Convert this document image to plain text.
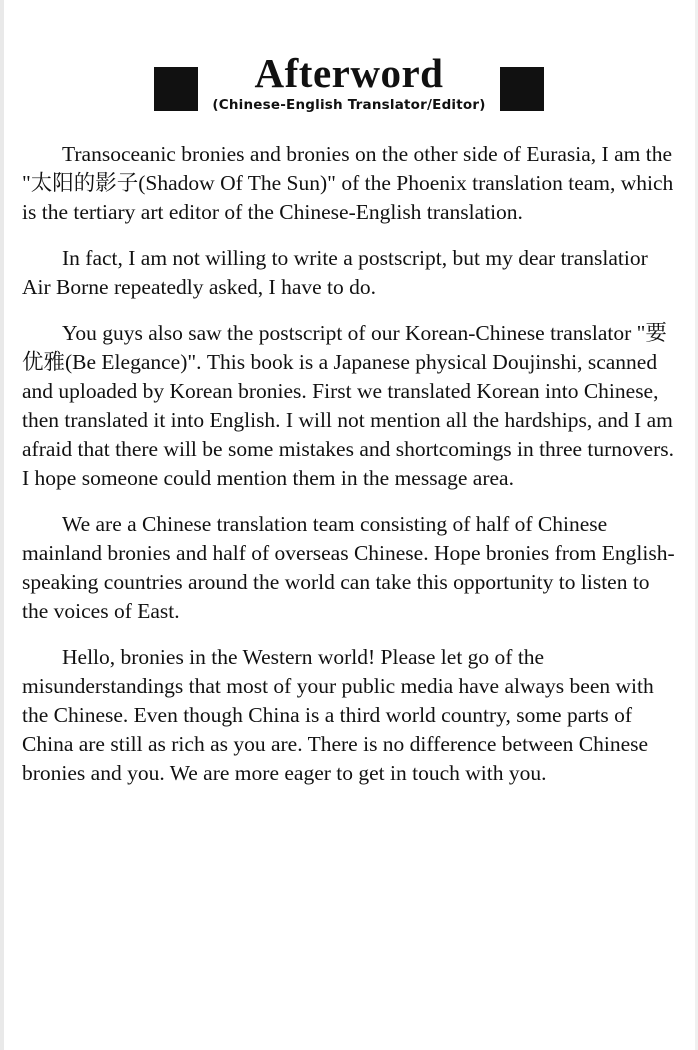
Afterword
(Chinese-English Translator/Editor)

Transoceanic bronies and bronies on the other side of Eurasia, I am the "太阳的影子(Shadow Of The Sun)" of the Phoenix translation team, which is the tertiary art editor of the Chinese-English translation.

In fact, I am not willing to write a postscript, but my dear translatior Air Borne repeatedly asked, I have to do.

You guys also saw the postscript of our Korean-Chinese translator "要优雅(Be Elegance)". This book is a Japanese physical Doujinshi, scanned and uploaded by Korean bronies. First we translated Korean into Chinese, then translated it into English. I will not mention all the hardships, and I am afraid that there will be some mistakes and shortcomings in three turnovers. I hope someone could mention them in the message area.

We are a Chinese translation team consisting of half of Chinese mainland bronies and half of overseas Chinese. Hope bronies from English-speaking countries around the world can take this opportunity to listen to the voices of East.

Hello, bronies in the Western world! Please let go of the misunderstandings that most of your public media have always been with the Chinese. Even though China is a third world country, some parts of China are still as rich as you are. There is no difference between Chinese bronies and you. We are more eager to get in touch with you.
